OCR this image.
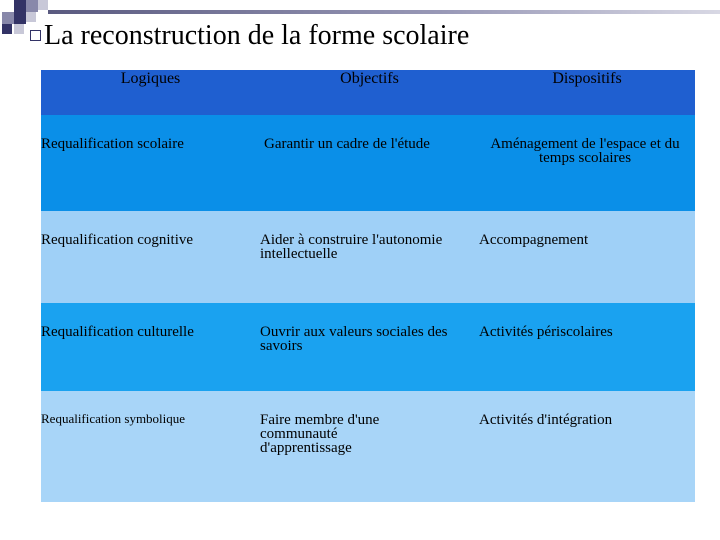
La reconstruction de la forme scolaire
Logiques	Objectifs	Dispositifs

Requalification scolaire	Garantir un cadre de l'étude	Aménagement de l'espace et du temps scolaires

Requalification cognitive	Aider à construire l'autonomie intellectuelle	Accompagnement

Requalification culturelle	Ouvrir aux valeurs sociales des savoirs	Activités périscolaires

Requalification symbolique	Faire membre d'une communauté d'apprentissage	Activités d'intégration
